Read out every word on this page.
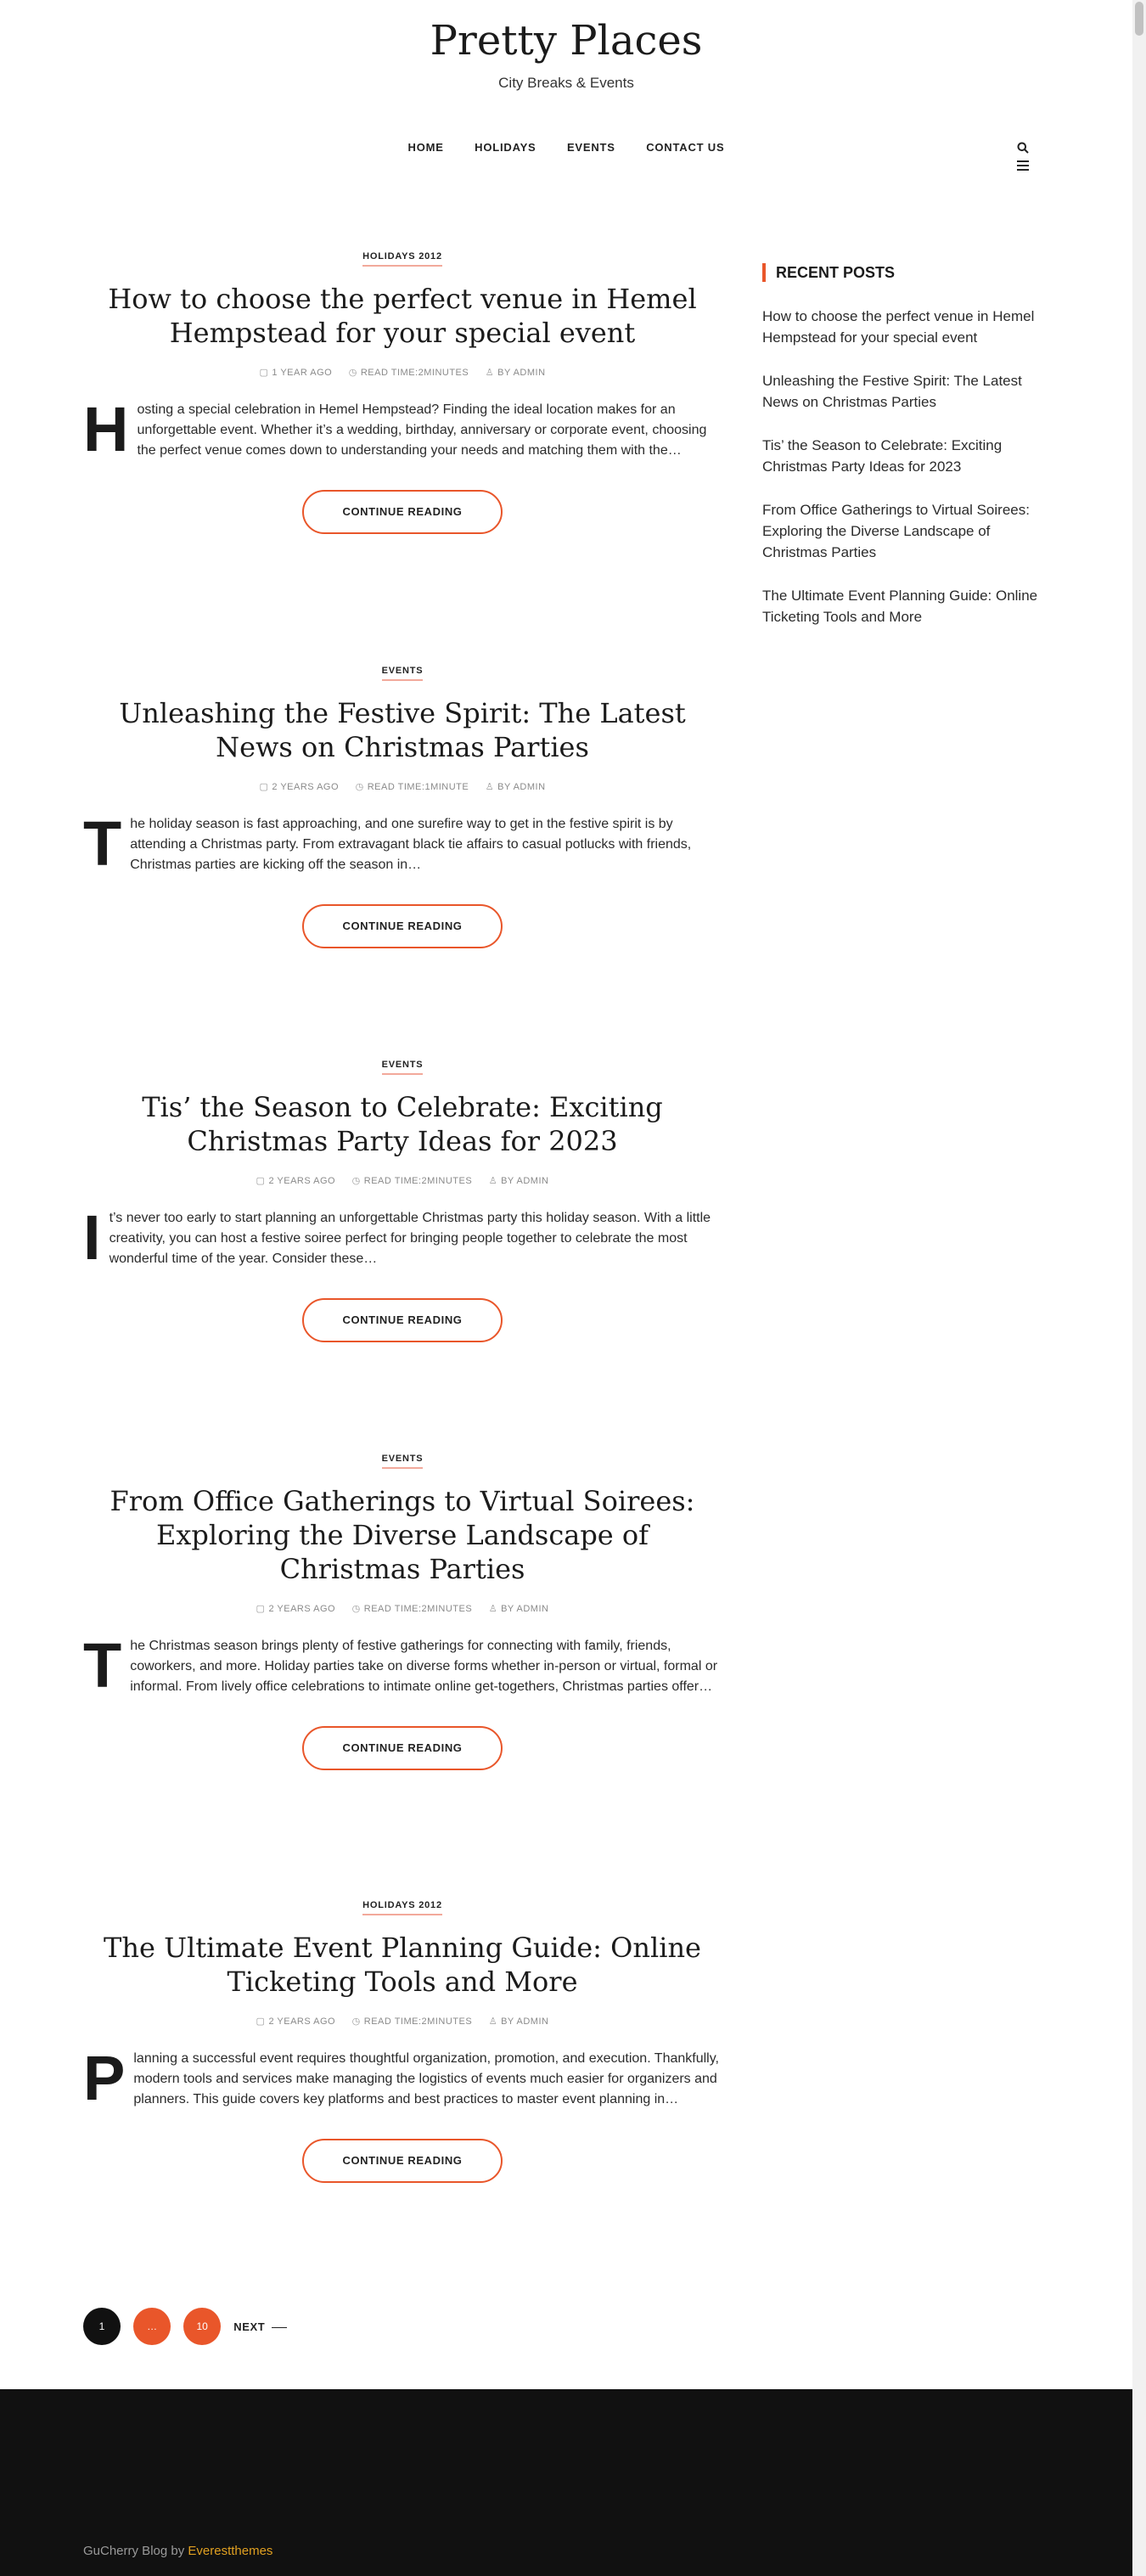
Pretty Places
City Breaks & Events
HOME	HOLIDAYS	EVENTS	CONTACT US

HOLIDAYS 2012
How to choose the perfect venue in Hemel Hempstead for your special event
▢ 1 YEAR AGO ◷ READ TIME:2MINUTES ♙ BY ADMIN
Hosting a special celebration in Hemel Hempstead? Finding the ideal location makes for an unforgettable event. Whether it’s a wedding, birthday, anniversary or corporate event, choosing the perfect venue comes down to understanding your needs and matching them with the…
CONTINUE READING
EVENTS
Unleashing the Festive Spirit: The Latest News on Christmas Parties
▢ 2 YEARS AGO ◷ READ TIME:1MINUTE ♙ BY ADMIN
The holiday season is fast approaching, and one surefire way to get in the festive spirit is by attending a Christmas party. From extravagant black tie affairs to casual potlucks with friends, Christmas parties are kicking off the season in…
CONTINUE READING
EVENTS
Tis’ the Season to Celebrate: Exciting Christmas Party Ideas for 2023
▢ 2 YEARS AGO ◷ READ TIME:2MINUTES ♙ BY ADMIN
It’s never too early to start planning an unforgettable Christmas party this holiday season. With a little creativity, you can host a festive soiree perfect for bringing people together to celebrate the most wonderful time of the year. Consider these…
CONTINUE READING
EVENTS
From Office Gatherings to Virtual Soirees: Exploring the Diverse Landscape of Christmas Parties
▢ 2 YEARS AGO ◷ READ TIME:2MINUTES ♙ BY ADMIN
The Christmas season brings plenty of festive gatherings for connecting with family, friends, coworkers, and more. Holiday parties take on diverse forms whether in-person or virtual, formal or informal. From lively office celebrations to intimate online get-togethers, Christmas parties offer…
CONTINUE READING
HOLIDAYS 2012
The Ultimate Event Planning Guide: Online Ticketing Tools and More
▢ 2 YEARS AGO ◷ READ TIME:2MINUTES ♙ BY ADMIN
Planning a successful event requires thoughtful organization, promotion, and execution. Thankfully, modern tools and services make managing the logistics of events much easier for organizers and planners. This guide covers key platforms and best practices to master event planning in…
CONTINUE READING
RECENT POSTS
How to choose the perfect venue in Hemel Hempstead for your special event
Unleashing the Festive Spirit: The Latest News on Christmas Parties
Tis’ the Season to Celebrate: Exciting Christmas Party Ideas for 2023
From Office Gatherings to Virtual Soirees: Exploring the Diverse Landscape of Christmas Parties
The Ultimate Event Planning Guide: Online Ticketing Tools and More
1	…	10 NEXT
GuCherry Blog by Everestthemes
